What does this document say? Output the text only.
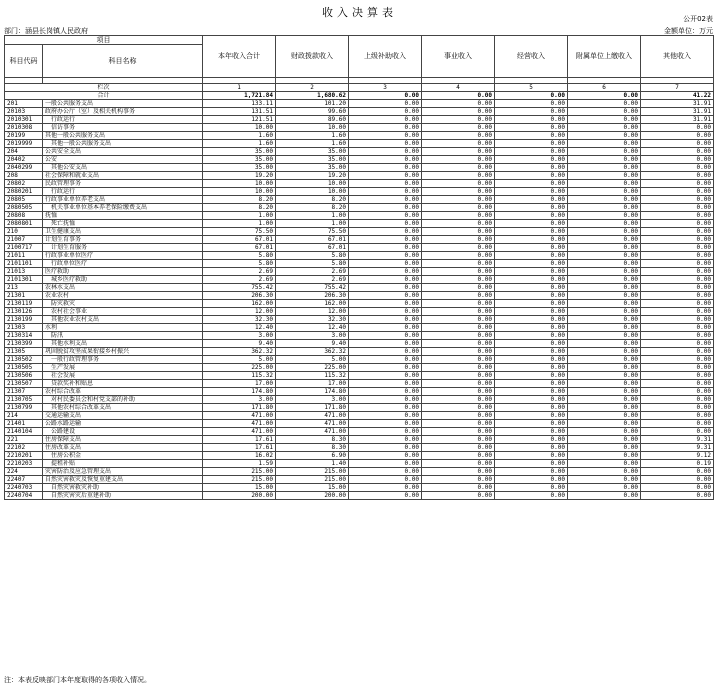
收入决算表	公开02表
部门：涵县长岗镇人民政府	金额单位：万元
项目		本年收入合计	财政拨款收入	上级补助收入	事业收入	经营收入	附属单位上缴收入	其他收入
科目代码	科目名称							

栏次		1	2	3	4	5	6	7
合计		1,721.84	1,680.62	0.00	0.00	0.00	0.00	41.22
201	一般公共服务支出	133.11	101.20	0.00	0.00	0.00	0.00	31.91
20103	政府办公厅（室）及相关机构事务	131.51	99.60	0.00	0.00	0.00	0.00	31.91
2010301	　行政运行	121.51	89.60	0.00	0.00	0.00	0.00	31.91
2010308	　信访事务	10.00	10.00	0.00	0.00	0.00	0.00	0.00
20199	其他一般公共服务支出	1.60	1.60	0.00	0.00	0.00	0.00	0.00
2019999	　其他一般公共服务支出	1.60	1.60	0.00	0.00	0.00	0.00	0.00
204	公共安全支出	35.00	35.00	0.00	0.00	0.00	0.00	0.00
20402	公安	35.00	35.00	0.00	0.00	0.00	0.00	0.00
2040299	　其他公安支出	35.00	35.00	0.00	0.00	0.00	0.00	0.00
208	社会保障和就业支出	19.20	19.20	0.00	0.00	0.00	0.00	0.00
20802	民政管理事务	10.00	10.00	0.00	0.00	0.00	0.00	0.00
2080201	　行政运行	10.00	10.00	0.00	0.00	0.00	0.00	0.00
20805	行政事业单位养老支出	8.20	8.20	0.00	0.00	0.00	0.00	0.00
2080505	　机关事业单位基本养老保险缴费支出	8.20	8.20	0.00	0.00	0.00	0.00	0.00
20808	抚恤	1.00	1.00	0.00	0.00	0.00	0.00	0.00
2080801	　死亡抚恤	1.00	1.00	0.00	0.00	0.00	0.00	0.00
210	卫生健康支出	75.50	75.50	0.00	0.00	0.00	0.00	0.00
21007	计划生育事务	67.01	67.01	0.00	0.00	0.00	0.00	0.00
2100717	　计划生育服务	67.01	67.01	0.00	0.00	0.00	0.00	0.00
21011	行政事业单位医疗	5.80	5.80	0.00	0.00	0.00	0.00	0.00
2101101	　行政单位医疗	5.80	5.80	0.00	0.00	0.00	0.00	0.00
21013	医疗救助	2.69	2.69	0.00	0.00	0.00	0.00	0.00
2101301	　城乡医疗救助	2.69	2.69	0.00	0.00	0.00	0.00	0.00
213	农林水支出	755.42	755.42	0.00	0.00	0.00	0.00	0.00
21301	农业农村	206.30	206.30	0.00	0.00	0.00	0.00	0.00
2130119	　防灾救灾	162.00	162.00	0.00	0.00	0.00	0.00	0.00
2130126	　农村社会事业	12.00	12.00	0.00	0.00	0.00	0.00	0.00
2130199	　其他农业农村支出	32.30	32.30	0.00	0.00	0.00	0.00	0.00
21303	水利	12.40	12.40	0.00	0.00	0.00	0.00	0.00
2130314	　防汛	3.00	3.00	0.00	0.00	0.00	0.00	0.00
2130399	　其他水利支出	9.40	9.40	0.00	0.00	0.00	0.00	0.00
21305	巩固脱贫攻坚成果衔接乡村振兴	362.32	362.32	0.00	0.00	0.00	0.00	0.00
2130502	　一般行政管理事务	5.00	5.00	0.00	0.00	0.00	0.00	0.00
2130505	　生产发展	225.00	225.00	0.00	0.00	0.00	0.00	0.00
2130506	　社会发展	115.32	115.32	0.00	0.00	0.00	0.00	0.00
2130507	　贷款奖补和贴息	17.00	17.00	0.00	0.00	0.00	0.00	0.00
21307	农村综合改革	174.80	174.80	0.00	0.00	0.00	0.00	0.00
2130705	　对村民委员会和村党支部的补助	3.00	3.00	0.00	0.00	0.00	0.00	0.00
2130799	　其他农村综合改革支出	171.80	171.80	0.00	0.00	0.00	0.00	0.00
214	交通运输支出	471.00	471.00	0.00	0.00	0.00	0.00	0.00
21401	公路水路运输	471.00	471.00	0.00	0.00	0.00	0.00	0.00
2140104	　公路建设	471.00	471.00	0.00	0.00	0.00	0.00	0.00
221	住房保障支出	17.61	8.30	0.00	0.00	0.00	0.00	9.31
22102	住房改革支出	17.61	8.30	0.00	0.00	0.00	0.00	9.31
2210201	　住房公积金	16.02	6.90	0.00	0.00	0.00	0.00	9.12
2210203	　提租补贴	1.59	1.40	0.00	0.00	0.00	0.00	0.19
224	灾害防治及应急管理支出	215.00	215.00	0.00	0.00	0.00	0.00	0.00
22407	自然灾害救灾及恢复重建支出	215.00	215.00	0.00	0.00	0.00	0.00	0.00
2240703	　自然灾害救灾补助	15.00	15.00	0.00	0.00	0.00	0.00	0.00
2240704	　自然灾害灾后重建补助	200.00	200.00	0.00	0.00	0.00	0.00	0.00
注：本表反映部门本年度取得的各项收入情况。
